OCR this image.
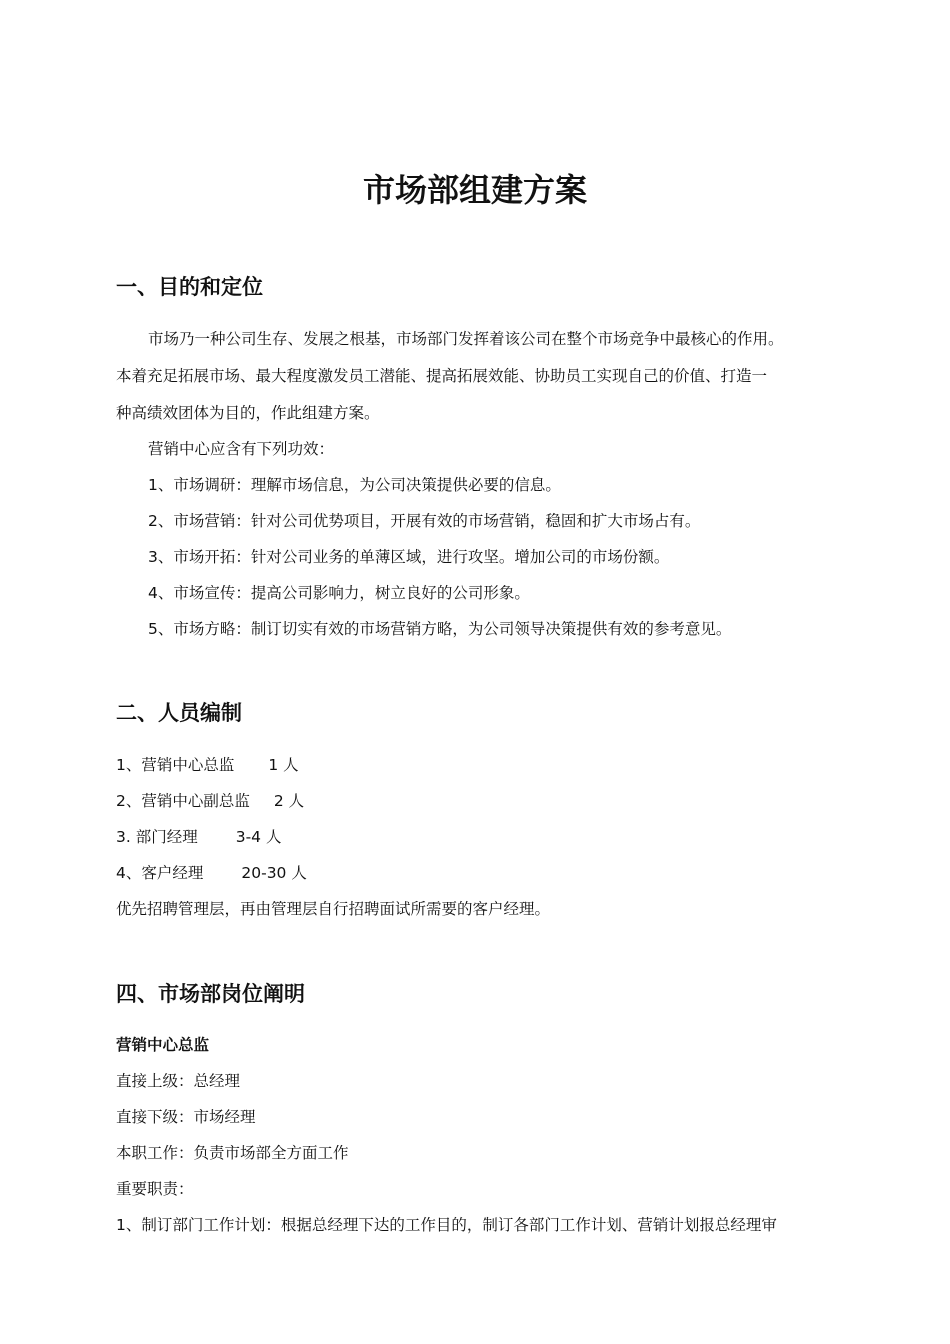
市场部组建方案
一、目的和定位

市场乃一种公司生存、发展之根基，市场部门发挥着该公司在整个市场竞争中最核心的作用。

本着充足拓展市场、最大程度激发员工潜能、提高拓展效能、协助员工实现自己的价值、打造一

种高绩效团体为目的，作此组建方案。

营销中心应含有下列功效：

1、市场调研：理解市场信息，为公司决策提供必要的信息。

2、市场营销：针对公司优势项目，开展有效的市场营销，稳固和扩大市场占有。

3、市场开拓：针对公司业务的单薄区域，进行攻坚。增加公司的市场份额。

4、市场宣传：提高公司影响力，树立良好的公司形象。

5、市场方略：制订切实有效的市场营销方略，为公司领导决策提供有效的参考意见。

二、人员编制
1、营销中心总监 1 人
2、营销中心副总监 2 人
3. 部门经理 3-4 人
4、客户经理 20-30 人

优先招聘管理层，再由管理层自行招聘面试所需要的客户经理。

四、市场部岗位阐明

营销中心总监

直接上级：总经理

直接下级：市场经理

本职工作：负责市场部全方面工作

重要职责：

1、制订部门工作计划：根据总经理下达的工作目的，制订各部门工作计划、营销计划报总经理审
